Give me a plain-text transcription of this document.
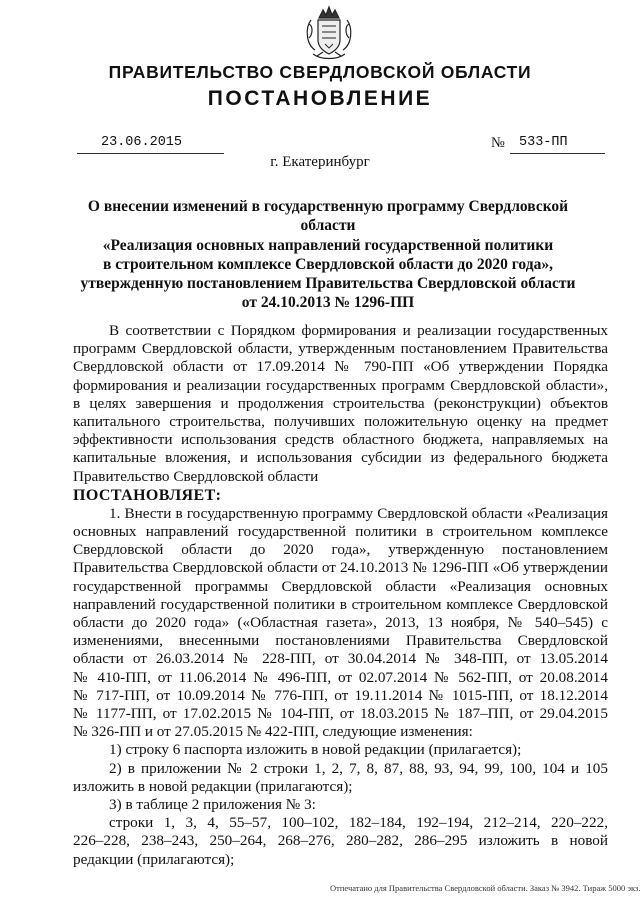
ПРАВИТЕЛЬСТВО СВЕРДЛОВСКОЙ ОБЛАСТИ
ПОСТАНОВЛЕНИЕ
23.06.2015	№ 533-ПП
г. Екатеринбург
О внесении изменений в государственную программу Свердловской области
«Реализация основных направлений государственной политики
в строительном комплексе Свердловской области до 2020 года»,
утвержденную постановлением Правительства Свердловской области
от 24.10.2013 № 1296-ПП
В соответствии с Порядком формирования и реализации государственных
программ Свердловской области, утвержденным постановлением Правительства
Свердловской области от 17.09.2014 № 790-ПП «Об утверждении Порядка
формирования и реализации государственных программ Свердловской области»,
в целях завершения и продолжения строительства (реконструкции) объектов
капитального строительства, получивших положительную оценку на предмет
эффективности использования средств областного бюджета, направляемых на
капитальные вложения, и использования субсидии из федерального бюджета
Правительство Свердловской области
ПОСТАНОВЛЯЕТ:
1. Внести в государственную программу Свердловской области «Реализация
основных направлений государственной политики в строительном комплексе
Свердловской области до 2020 года», утвержденную постановлением
Правительства Свердловской области от 24.10.2013 № 1296-ПП «Об утверждении
государственной программы Свердловской области «Реализация основных
направлений государственной политики в строительном комплексе Свердловской
области до 2020 года» («Областная газета», 2013, 13 ноября, № 540–545) с
изменениями, внесенными постановлениями Правительства Свердловской
области от 26.03.2014 № 228-ПП, от 30.04.2014 № 348-ПП, от 13.05.2014
№ 410-ПП, от 11.06.2014 № 496-ПП, от 02.07.2014 № 562-ПП, от 20.08.2014
№ 717-ПП, от 10.09.2014 № 776-ПП, от 19.11.2014 № 1015-ПП, от 18.12.2014
№ 1177-ПП, от 17.02.2015 № 104-ПП, от 18.03.2015 № 187–ПП, от 29.04.2015
№ 326-ПП и от 27.05.2015 № 422-ПП, следующие изменения:
1) строку 6 паспорта изложить в новой редакции (прилагается);
2) в приложении № 2 строки 1, 2, 7, 8, 87, 88, 93, 94, 99, 100, 104 и 105
изложить в новой редакции (прилагаются);
3) в таблице 2 приложения № 3:
строки 1, 3, 4, 55–57, 100–102, 182–184, 192–194, 212–214, 220–222,
226–228, 238–243, 250–264, 268–276, 280–282, 286–295 изложить в новой
редакции (прилагаются);
Отпечатано для Правительства Свердловской области. Заказ № 3942. Тираж 5000 экз.
